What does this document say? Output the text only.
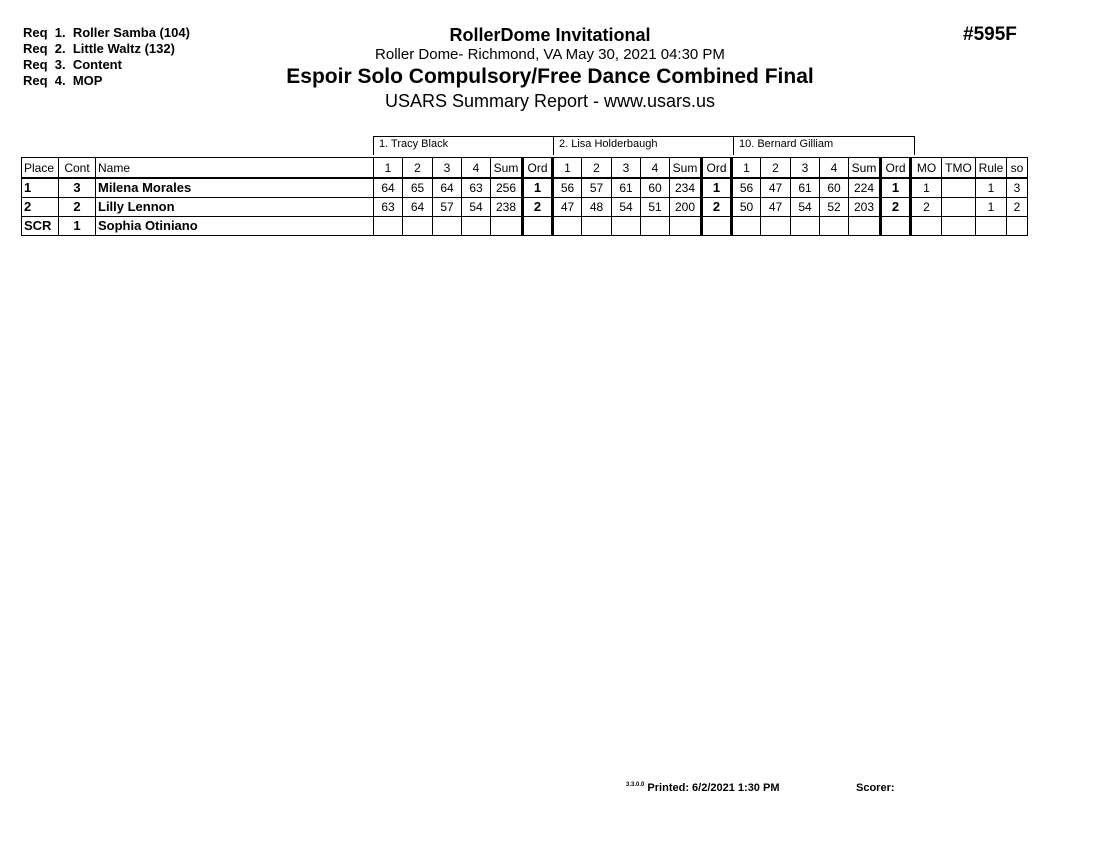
Req  1.  Roller Samba (104)
Req  2.  Little Waltz (132)
Req  3.  Content
Req  4.  MOP
RollerDome Invitational
Roller Dome- Richmond, VA May 30, 2021 04:30 PM
Espoir Solo Compulsory/Free Dance Combined Final
USARS Summary Report - www.usars.us
#595F
1. Tracy Black	2. Lisa Holderbaugh	10. Bernard Gilliam
Place	Cont	Name	1	2	3	4	Sum	Ord	1	2	3	4	Sum	Ord	1	2	3	4	Sum	Ord	MO	TMO	Rule	so
1	3	Milena Morales	64	65	64	63	256	1	56	57	61	60	234	1	56	47	61	60	224	1	1		1	3
2	2	Lilly Lennon	63	64	57	54	238	2	47	48	54	51	200	2	50	47	54	52	203	2	2		1	2
SCR	1	Sophia Otiniano																						
$^{3.3.0.0}$ Printed: 6/2/2021 1:30 PM	Scorer:
